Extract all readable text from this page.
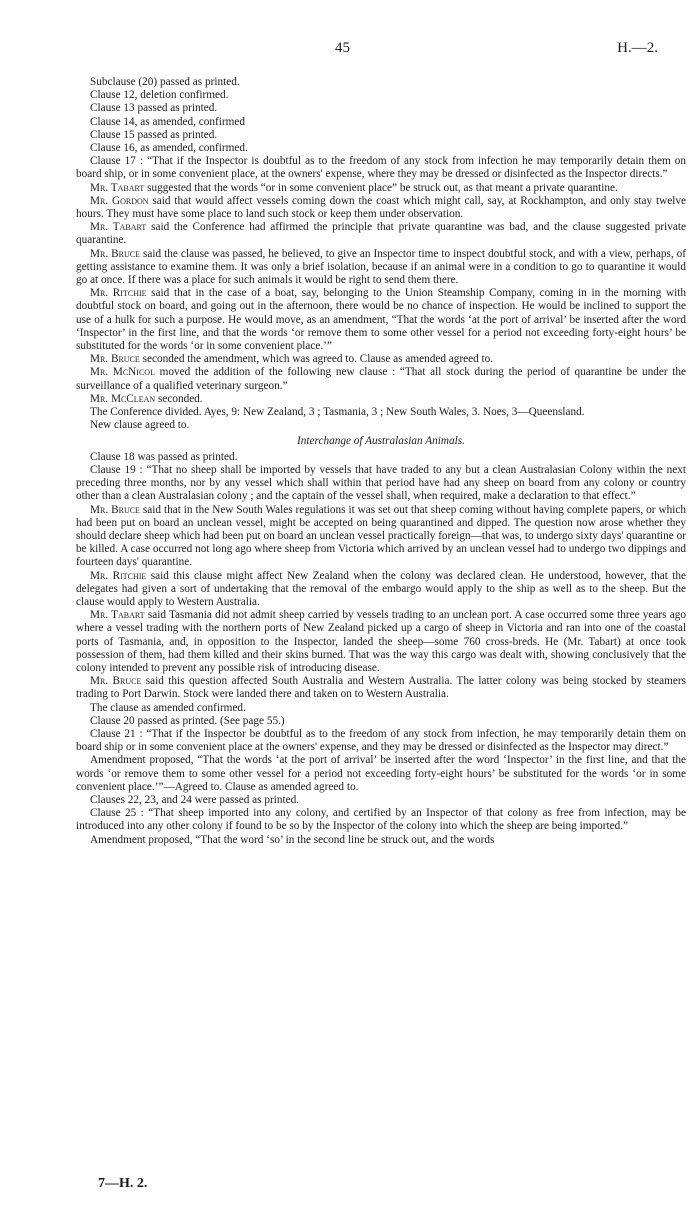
45	H.—2.

Subclause (20) passed as printed.

Clause 12, deletion confirmed.

Clause 13 passed as printed.

Clause 14, as amended, confirmed

Clause 15 passed as printed.

Clause 16, as amended, confirmed.

Clause 17 : “That if the Inspector is doubtful as to the freedom of any stock from infection he may temporarily detain them on board ship, or in some convenient place, at the owners' expense, where they may be dressed or disinfected as the Inspector directs.”

Mr. Tabart suggested that the words “or in some convenient place” be struck out, as that meant a private quarantine.

Mr. Gordon said that would affect vessels coming down the coast which might call, say, at Rockhampton, and only stay twelve hours. They must have some place to land such stock or keep them under observation.

Mr. Tabart said the Conference had affirmed the principle that private quarantine was bad, and the clause suggested private quarantine.

Mr. Bruce said the clause was passed, he believed, to give an Inspector time to inspect doubtful stock, and with a view, perhaps, of getting assistance to examine them. It was only a brief isolation, because if an animal were in a condition to go to quarantine it would go at once. If there was a place for such animals it would be right to send them there.

Mr. Ritchie said that in the case of a boat, say, belonging to the Union Steamship Company, coming in in the morning with doubtful stock on board, and going out in the afternoon, there would be no chance of inspection. He would be inclined to support the use of a hulk for such a purpose. He would move, as an amendment, “That the words ‘at the port of arrival’ be inserted after the word ‘Inspector’ in the first line, and that the words ‘or remove them to some other vessel for a period not exceeding forty-eight hours’ be substituted for the words ‘or in some convenient place.’”

Mr. Bruce seconded the amendment, which was agreed to. Clause as amended agreed to.

Mr. McNicol moved the addition of the following new clause : “That all stock during the period of quarantine be under the surveillance of a qualified veterinary surgeon.”

Mr. McClean seconded.

The Conference divided. Ayes, 9: New Zealand, 3 ; Tasmania, 3 ; New South Wales, 3. Noes, 3—Queensland.

New clause agreed to.

Interchange of Australasian Animals.

Clause 18 was passed as printed.

Clause 19 : “That no sheep shall be imported by vessels that have traded to any but a clean Australasian Colony within the next preceding three months, nor by any vessel which shall within that period have had any sheep on board from any colony or country other than a clean Australasian colony ; and the captain of the vessel shall, when required, make a declaration to that effect.”

Mr. Bruce said that in the New South Wales regulations it was set out that sheep coming without having complete papers, or which had been put on board an unclean vessel, might be accepted on being quarantined and dipped. The question now arose whether they should declare sheep which had been put on board an unclean vessel practically foreign—that was, to undergo sixty days' quarantine or be killed. A case occurred not long ago where sheep from Victoria which arrived by an unclean vessel had to undergo two dippings and fourteen days' quarantine.

Mr. Ritchie said this clause might affect New Zealand when the colony was declared clean. He understood, however, that the delegates had given a sort of undertaking that the removal of the embargo would apply to the ship as well as to the sheep. But the clause would apply to Western Australia.

Mr. Tabart said Tasmania did not admit sheep carried by vessels trading to an unclean port. A case occurred some three years ago where a vessel trading with the northern ports of New Zealand picked up a cargo of sheep in Victoria and ran into one of the coastal ports of Tasmania, and, in opposition to the Inspector, landed the sheep—some 760 cross-breds. He (Mr. Tabart) at once took possession of them, had them killed and their skins burned. That was the way this cargo was dealt with, showing conclusively that the colony intended to prevent any possible risk of introducing disease.

Mr. Bruce said this question affected South Australia and Western Australia. The latter colony was being stocked by steamers trading to Port Darwin. Stock were landed there and taken on to Western Australia.

The clause as amended confirmed.

Clause 20 passed as printed. (See page 55.)

Clause 21 : “That if the Inspector be doubtful as to the freedom of any stock from infection, he may temporarily detain them on board ship or in some convenient place at the owners' expense, and they may be dressed or disinfected as the Inspector may direct.”

Amendment proposed, “That the words ‘at the port of arrival’ be inserted after the word ‘Inspector’ in the first line, and that the words ‘or remove them to some other vessel for a period not exceeding forty-eight hours’ be substituted for the words ‘or in some convenient place.’”—Agreed to. Clause as amended agreed to.

Clauses 22, 23, and 24 were passed as printed.

Clause 25 : “That sheep imported into any colony, and certified by an Inspector of that colony as free from infection, may be introduced into any other colony if found to be so by the Inspector of the colony into which the sheep are being imported.”

Amendment proposed, “That the word ‘so’ in the second line be struck out, and the words

7—H. 2.
